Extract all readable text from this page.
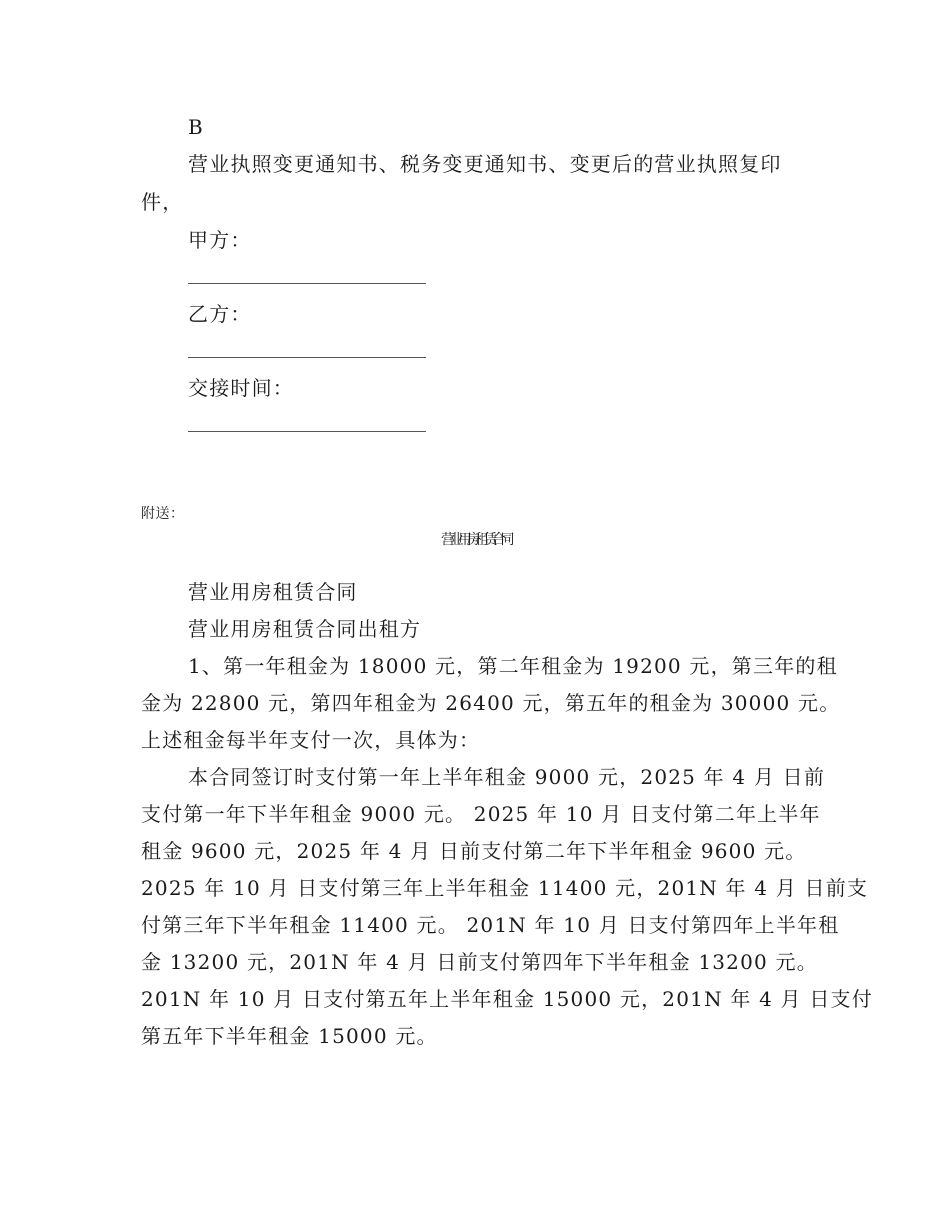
B
营业执照变更通知书、税务变更通知书、变更后的营业执照复印
件，
甲方：
乙方：
交接时间：
附送：
营业用房租赁合同
营业用房租赁合同
营业用房租赁合同出租方
1、第一年租金为 18000 元，第二年租金为 19200 元，第三年的租
金为 22800 元，第四年租金为 26400 元，第五年的租金为 30000 元。
上述租金每半年支付一次，具体为：
本合同签订时支付第一年上半年租金 9000 元，2025 年 4 月 日前
支付第一年下半年租金 9000 元。 2025 年 10 月 日支付第二年上半年
租金 9600 元，2025 年 4 月 日前支付第二年下半年租金 9600 元。
2025 年 10 月 日支付第三年上半年租金 11400 元，201N 年 4 月 日前支
付第三年下半年租金 11400 元。 201N 年 10 月 日支付第四年上半年租
金 13200 元，201N 年 4 月 日前支付第四年下半年租金 13200 元。
201N 年 10 月 日支付第五年上半年租金 15000 元，201N 年 4 月 日支付
第五年下半年租金 15000 元。
